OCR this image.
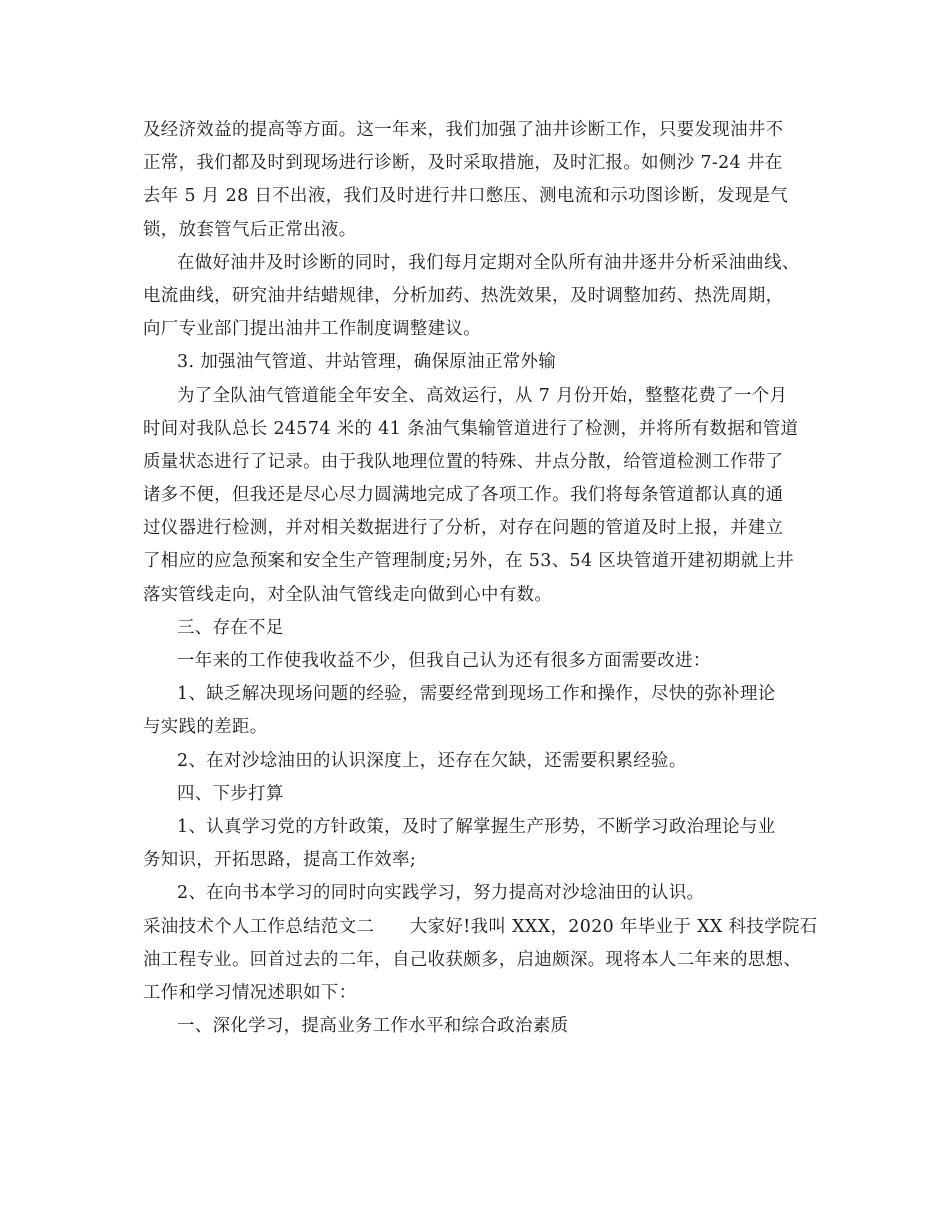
及经济效益的提高等方面。这一年来，我们加强了油井诊断工作，只要发现油井不
正常，我们都及时到现场进行诊断，及时采取措施，及时汇报。如侧沙 7-24 井在
去年 5 月 28 日不出液，我们及时进行井口憋压、测电流和示功图诊断，发现是气
锁，放套管气后正常出液。
在做好油井及时诊断的同时，我们每月定期对全队所有油井逐井分析采油曲线、
电流曲线，研究油井结蜡规律，分析加药、热洗效果，及时调整加药、热洗周期，
向厂专业部门提出油井工作制度调整建议。
3. 加强油气管道、井站管理，确保原油正常外输
为了全队油气管道能全年安全、高效运行，从 7 月份开始，整整花费了一个月
时间对我队总长 24574 米的 41 条油气集输管道进行了检测，并将所有数据和管道
质量状态进行了记录。由于我队地理位置的特殊、井点分散，给管道检测工作带了
诸多不便，但我还是尽心尽力圆满地完成了各项工作。我们将每条管道都认真的通
过仪器进行检测，并对相关数据进行了分析，对存在问题的管道及时上报，并建立
了相应的应急预案和安全生产管理制度;另外，在 53、54 区块管道开建初期就上井
落实管线走向，对全队油气管线走向做到心中有数。
三、存在不足
一年来的工作使我收益不少，但我自己认为还有很多方面需要改进：
1、缺乏解决现场问题的经验，需要经常到现场工作和操作，尽快的弥补理论
与实践的差距。
2、在对沙埝油田的认识深度上，还存在欠缺，还需要积累经验。
四、下步打算
1、认真学习党的方针政策，及时了解掌握生产形势，不断学习政治理论与业
务知识，开拓思路，提高工作效率;
2、在向书本学习的同时向实践学习，努力提高对沙埝油田的认识。
采油技术个人工作总结范文二　　大家好!我叫 XXX，2020 年毕业于 XX 科技学院石
油工程专业。回首过去的二年，自己收获颇多，启迪颇深。现将本人二年来的思想、
工作和学习情况述职如下：
一、深化学习，提高业务工作水平和综合政治素质
